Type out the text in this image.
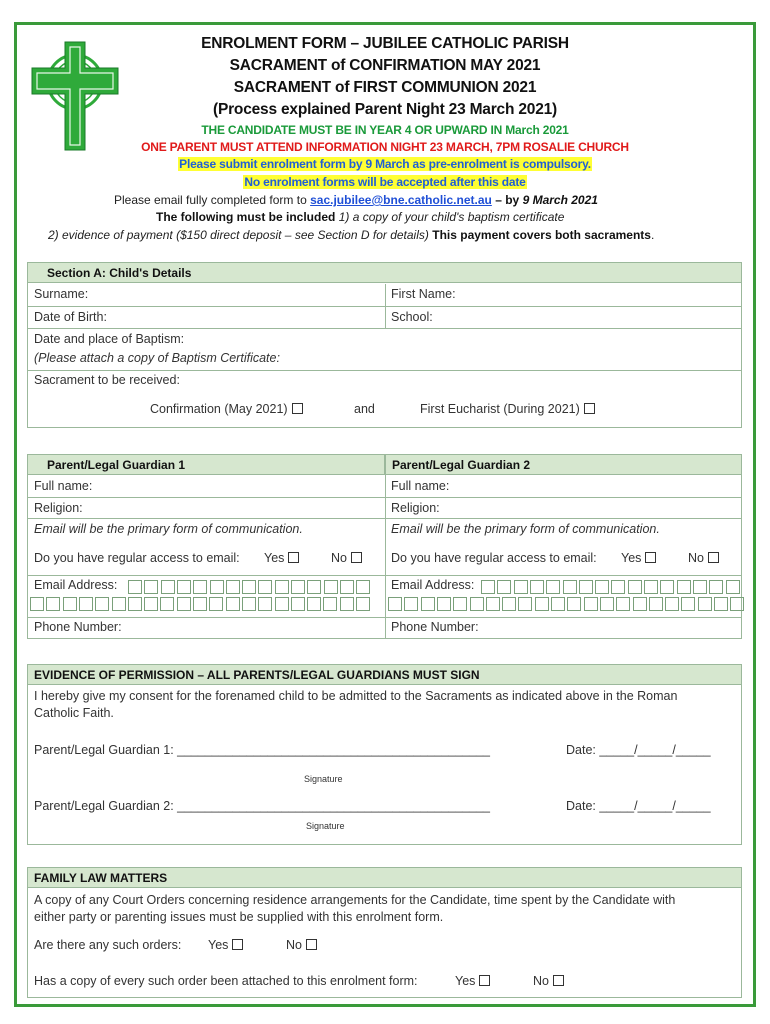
ENROLMENT FORM – JUBILEE CATHOLIC PARISH
SACRAMENT of CONFIRMATION MAY 2021
SACRAMENT of FIRST COMMUNION 2021
(Process explained Parent Night 23 March 2021)
THE CANDIDATE MUST BE IN YEAR 4 OR UPWARD IN March 2021
ONE PARENT MUST ATTEND INFORMATION NIGHT 23 MARCH, 7PM ROSALIE CHURCH
Please submit enrolment form by 9 March as pre-enrolment is compulsory.
No enrolment forms will be accepted after this date
Please email fully completed form to sac.jubilee@bne.catholic.net.au – by 9 March 2021
The following must be included 1) a copy of your child's baptism certificate
2) evidence of payment ($150 direct deposit – see Section D for details) This payment covers both sacraments.
Section A: Child's Details
Surname:	First Name:
Date of Birth:	School:
Date and place of Baptism:
(Please attach a copy of Baptism Certificate:
Sacrament to be received:
Confirmation (May 2021)	and	First Eucharist (During 2021)
Parent/Legal Guardian 1	Parent/Legal Guardian 2
Full name:	Full name:
Religion:	Religion:
Email will be the primary form of communication.	Email will be the primary form of communication.
Do you have regular access to email: Yes	No	Do you have regular access to email: Yes	No
Email Address:	Email Address:
Phone Number:	Phone Number:
EVIDENCE OF PERMISSION – ALL PARENTS/LEGAL GUARDIANS MUST SIGN
I hereby give my consent for the forenamed child to be admitted to the Sacraments as indicated above in the Roman
Catholic Faith.
Parent/Legal Guardian 1: _____________________________________________	Date: _____/_____/_____
Signature
Parent/Legal Guardian 2: _____________________________________________	Date: _____/_____/_____
Signature
FAMILY LAW MATTERS
A copy of any Court Orders concerning residence arrangements for the Candidate, time spent by the Candidate with
either party or parenting issues must be supplied with this enrolment form.
Are there any such orders: Yes	No
Has a copy of every such order been attached to this enrolment form:	Yes	No
